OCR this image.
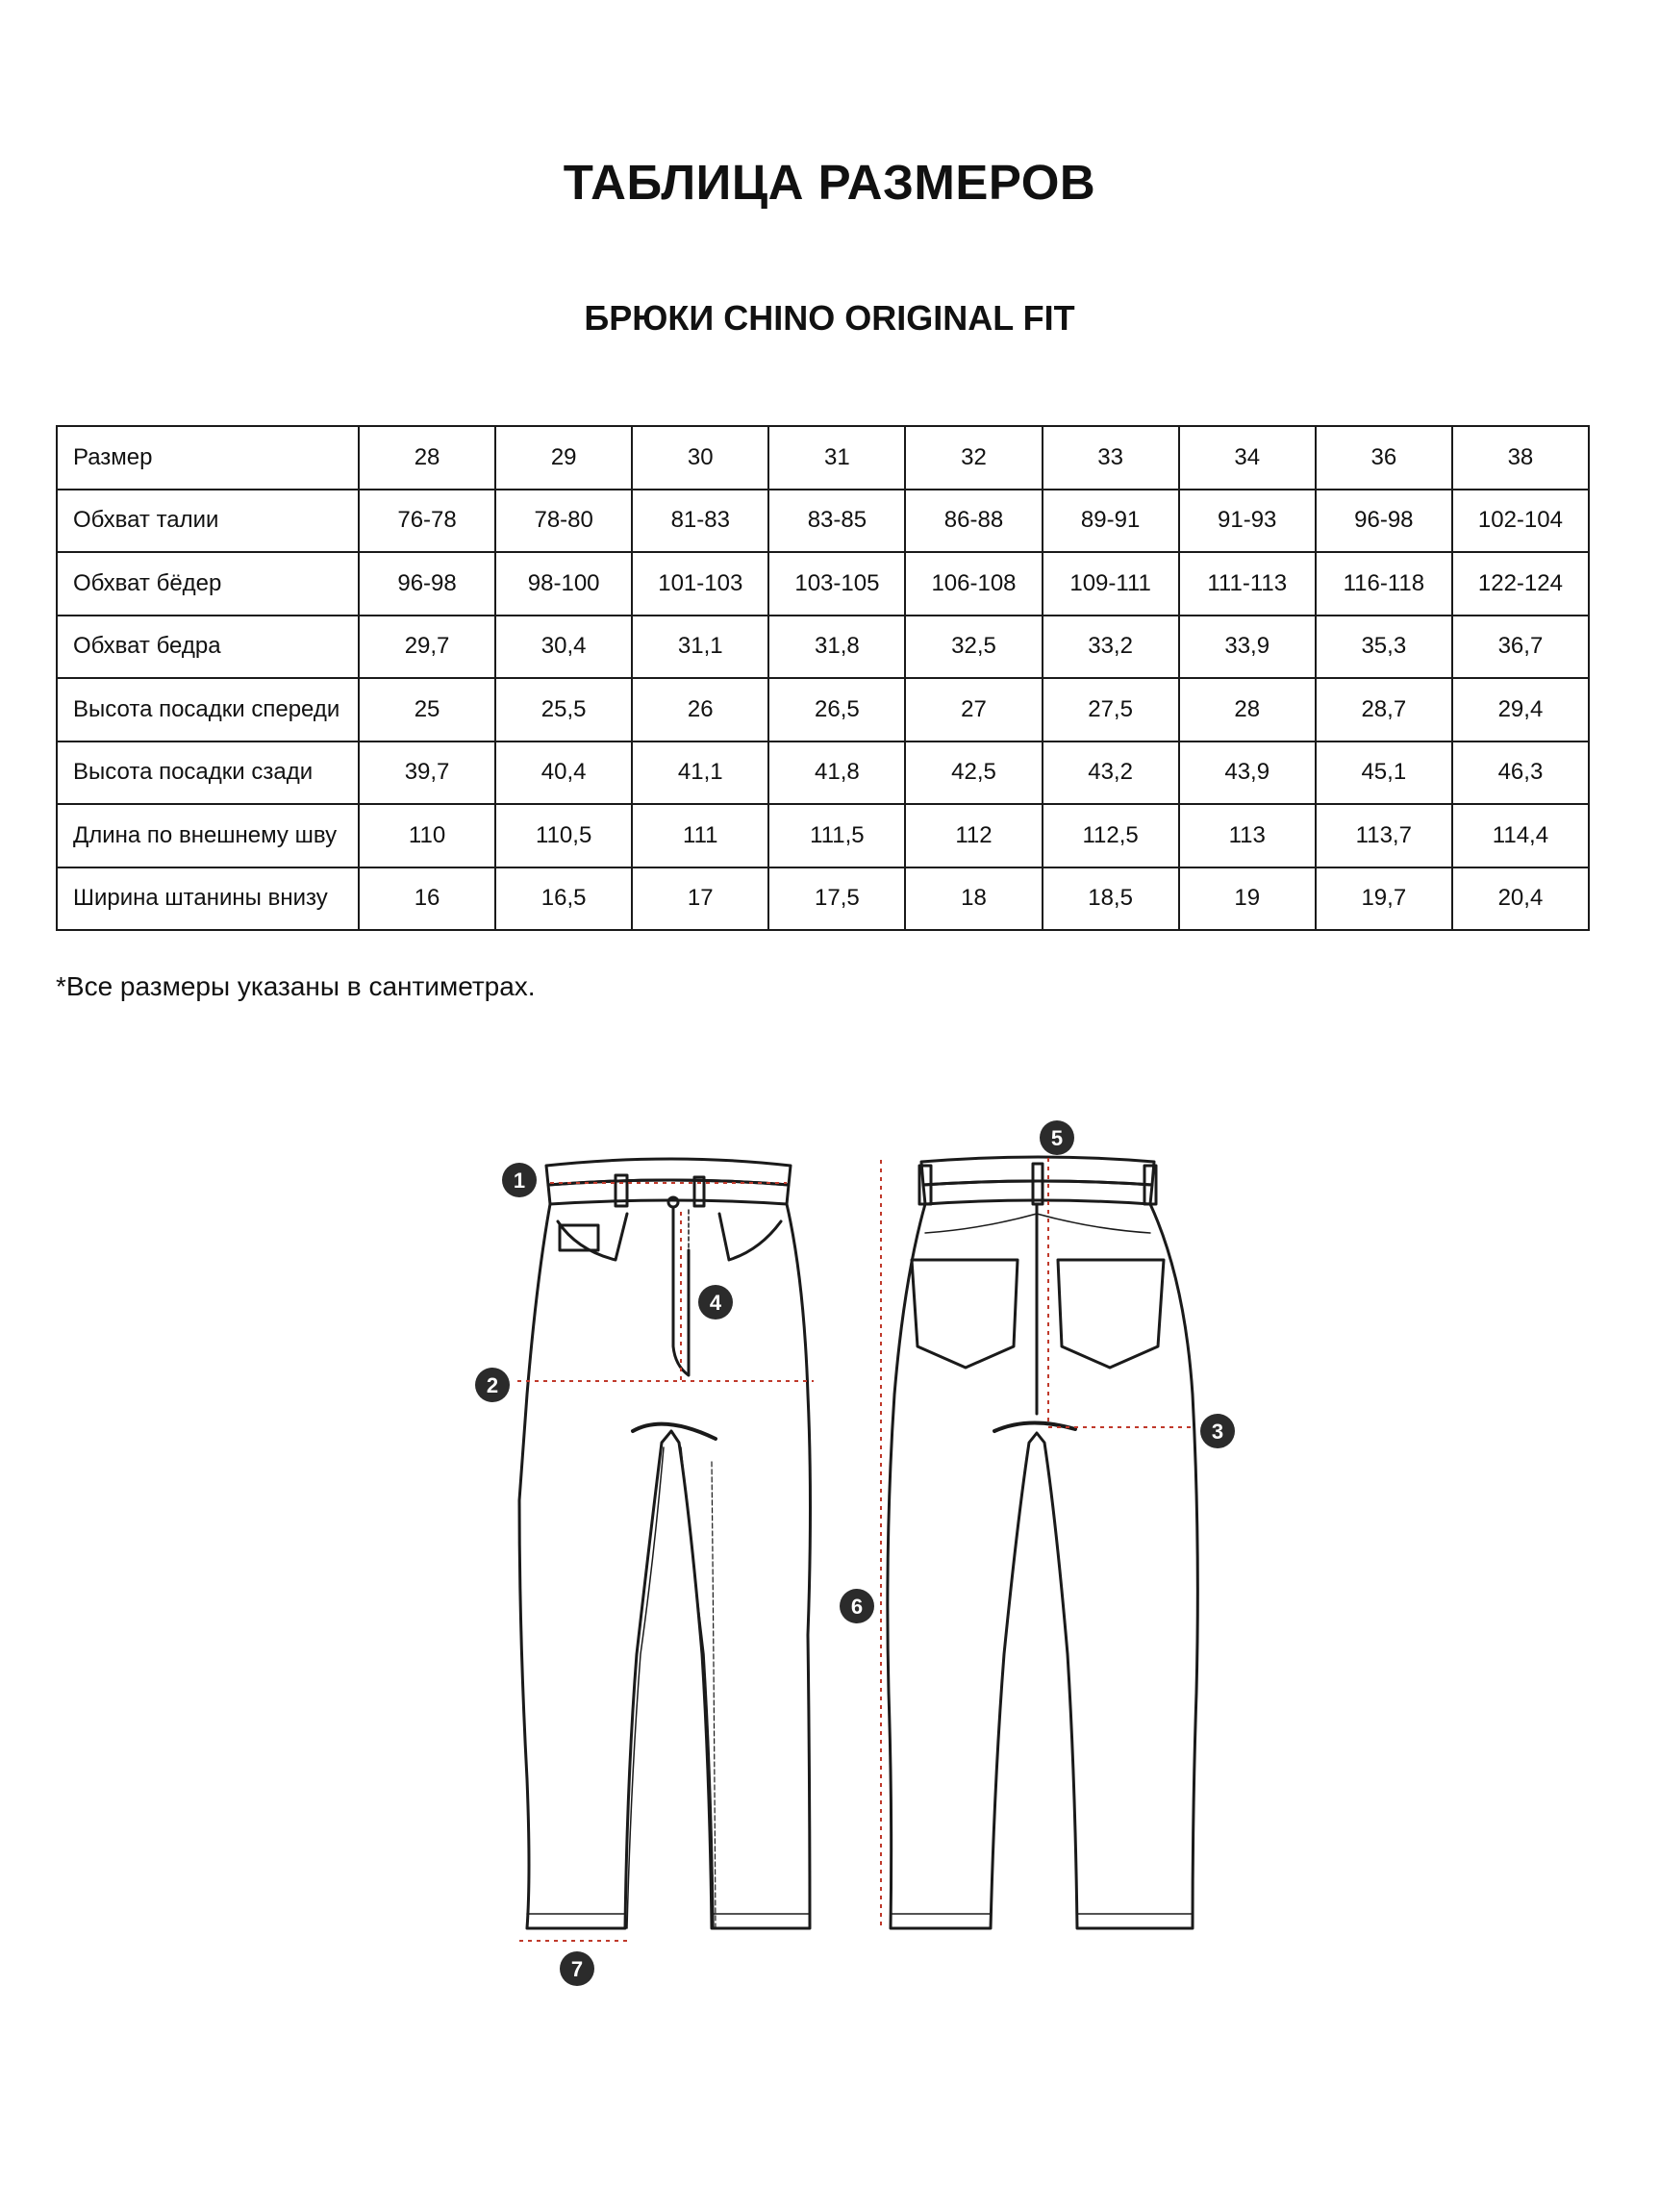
ТАБЛИЦА РАЗМЕРОВ
БРЮКИ CHINO ORIGINAL FIT
Размер	28	29	30	31	32	33	34	36	38
Обхват талии	76-78	78-80	81-83	83-85	86-88	89-91	91-93	96-98	102-104
Обхват бёдер	96-98	98-100	101-103	103-105	106-108	109-111	111-113	116-118	122-124
Обхват бедра	29,7	30,4	31,1	31,8	32,5	33,2	33,9	35,3	36,7
Высота посадки спереди	25	25,5	26	26,5	27	27,5	28	28,7	29,4
Высота посадки сзади	39,7	40,4	41,1	41,8	42,5	43,2	43,9	45,1	46,3
Длина по внешнему шву	110	110,5	111	111,5	112	112,5	113	113,7	114,4
Ширина штанины внизу	16	16,5	17	17,5	18	18,5	19	19,7	20,4
*Все размеры указаны в сантиметрах.
1
2
3
4
5
6
7
